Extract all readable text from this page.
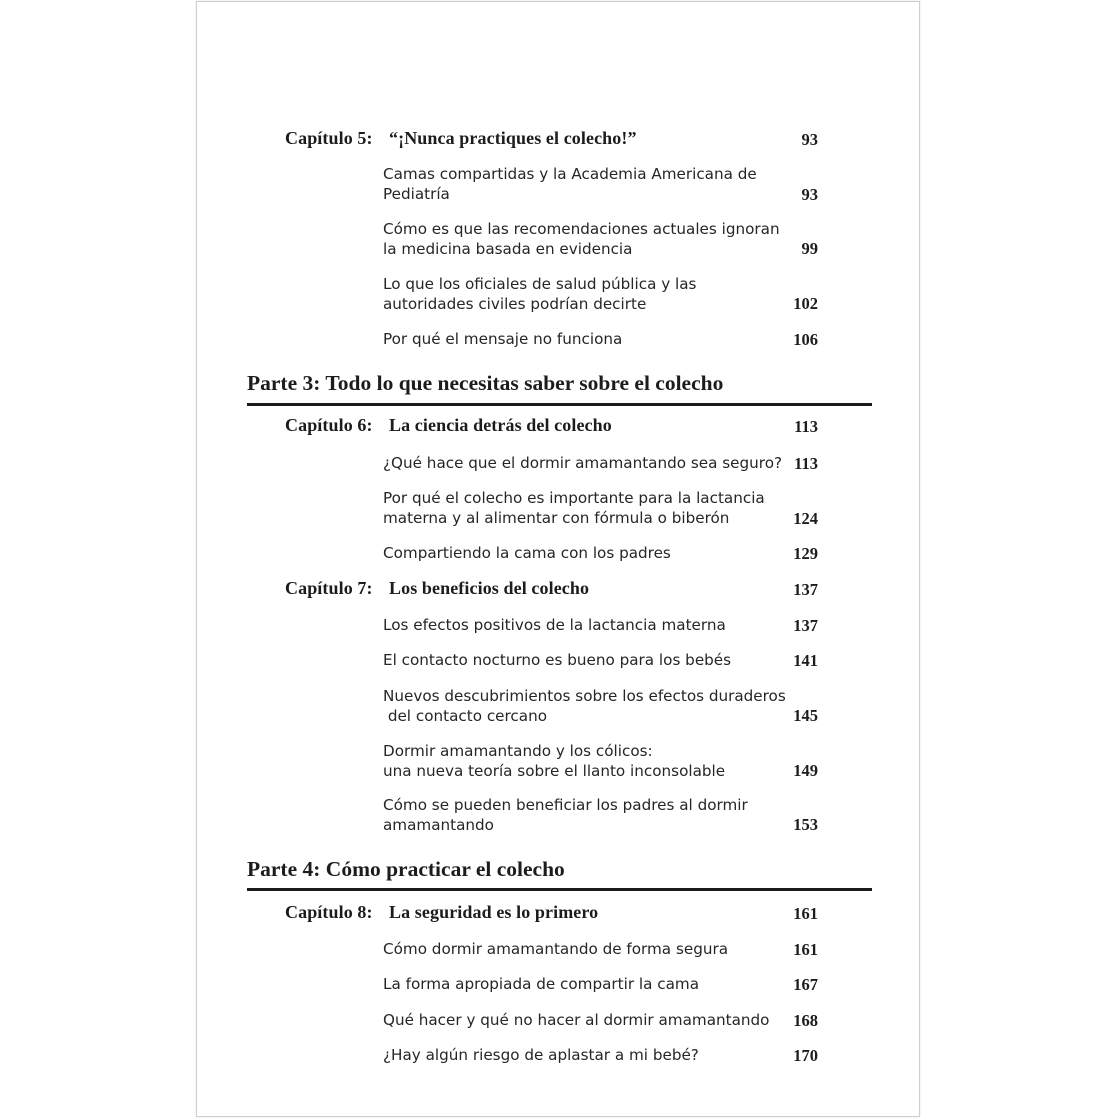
Capítulo 5: “¡Nunca practiques el colecho!”	93
Camas compartidas y la Academia Americana de
Pediatría	93
Cómo es que las recomendaciones actuales ignoran
la medicina basada en evidencia	99
Lo que los oficiales de salud pública y las
autoridades civiles podrían decirte	102
Por qué el mensaje no funciona	106
Parte 3: Todo lo que necesitas saber sobre el colecho
Capítulo 6: La ciencia detrás del colecho	113
¿Qué hace que el dormir amamantando sea seguro? 113
Por qué el colecho es importante para la lactancia
materna y al alimentar con fórmula o biberón	124
Compartiendo la cama con los padres	129
Capítulo 7: Los beneficios del colecho	137
Los efectos positivos de la lactancia materna	137
El contacto nocturno es bueno para los bebés	141
Nuevos descubrimientos sobre los efectos duraderos
del contacto cercano	145
Dormir amamantando y los cólicos:
una nueva teoría sobre el llanto inconsolable	149
Cómo se pueden beneficiar los padres al dormir
amamantando	153
Parte 4: Cómo practicar el colecho
Capítulo 8: La seguridad es lo primero	161
Cómo dormir amamantando de forma segura	161
La forma apropiada de compartir la cama	167
Qué hacer y qué no hacer al dormir amamantando	168
¿Hay algún riesgo de aplastar a mi bebé?	170
